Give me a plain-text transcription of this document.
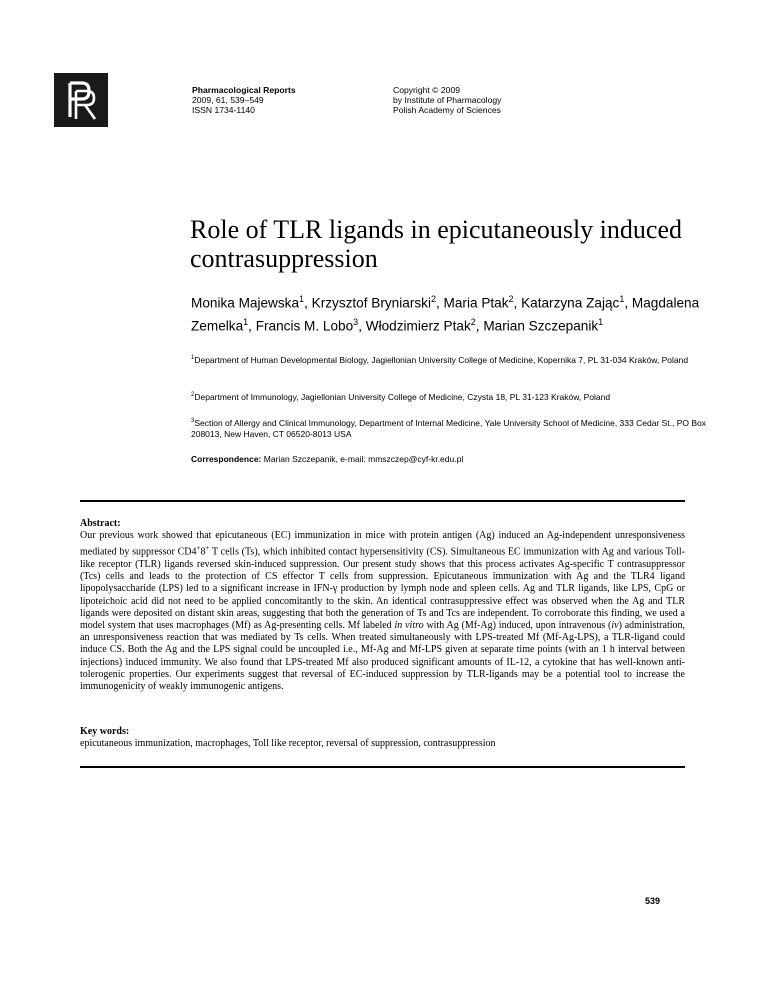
Pharmacological Reports
2009, 61, 539–549
ISSN 1734-1140
Copyright © 2009
by Institute of Pharmacology
Polish Academy of Sciences
Role of TLR ligands in epicutaneously induced contrasuppression
Monika Majewska$^1$, Krzysztof Bryniarski$^2$, Maria Ptak$^2$, Katarzyna Zając$^1$, Magdalena Zemelka$^1$, Francis M. Lobo$^3$, Włodzimierz Ptak$^2$, Marian Szczepanik$^1$
$^1$Department of Human Developmental Biology, Jagiellonian University College of Medicine, Kopernika 7, PL 31-034 Kraków, Poland
$^2$Department of Immunology, Jagiellonian University College of Medicine, Czysta 18, PL 31-123 Kraków, Poland
$^3$Section of Allergy and Clinical Immunology, Department of Internal Medicine, Yale University School of Medicine, 333 Cedar St., PO Box 208013, New Haven, CT 06520-8013 USA
Correspondence: Marian Szczepanik, e-mail: mmszczep@cyf-kr.edu.pl
Abstract:
Our previous work showed that epicutaneous (EC) immunization in mice with protein antigen (Ag) induced an Ag-independent unresponsiveness mediated by suppressor CD4+8+ T cells (Ts), which inhibited contact hypersensitivity (CS). Simultaneous EC immunization with Ag and various Toll-like receptor (TLR) ligands reversed skin-induced suppression. Our present study shows that this process activates Ag-specific T contrasuppressor (Tcs) cells and leads to the protection of CS effector T cells from suppression. Epicutaneous immunization with Ag and the TLR4 ligand lipopolysaccharide (LPS) led to a significant increase in IFN-γ production by lymph node and spleen cells. Ag and TLR ligands, like LPS, CpG or lipoteichoic acid did not need to be applied concomitantly to the skin. An identical contrasuppressive effect was observed when the Ag and TLR ligands were deposited on distant skin areas, suggesting that both the generation of Ts and Tcs are independent. To corroborate this finding, we used a model system that uses macrophages (Mf) as Ag-presenting cells. Mf labeled in vitro with Ag (Mf-Ag) induced, upon intravenous (iv) administration, an unresponsiveness reaction that was mediated by Ts cells. When treated simultaneously with LPS-treated Mf (Mf-Ag-LPS), a TLR-ligand could induce CS. Both the Ag and the LPS signal could be uncoupled i.e., Mf-Ag and Mf-LPS given at separate time points (with an 1 h interval between injections) induced immunity. We also found that LPS-treated Mf also produced significant amounts of IL-12, a cytokine that has well-known anti-tolerogenic properties. Our experiments suggest that reversal of EC-induced suppression by TLR-ligands may be a potential tool to increase the immunogenicity of weakly immunogenic antigens.
Key words:
epicutaneous immunization, macrophages, Toll like receptor, reversal of suppression, contrasuppression
539
